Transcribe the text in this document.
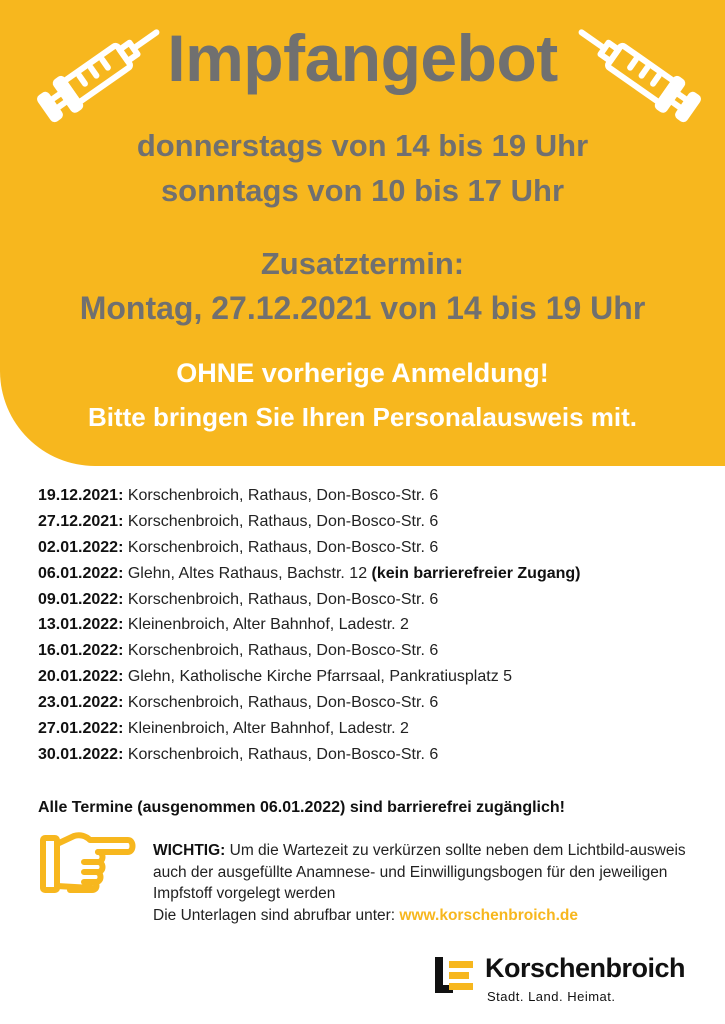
Impfangebot
donnerstags von 14 bis 19 Uhr
sonntags von 10 bis 17 Uhr
Zusatztermin:
Montag, 27.12.2021 von 14 bis 19 Uhr
OHNE vorherige Anmeldung!
Bitte bringen Sie Ihren Personalausweis mit.
19.12.2021: Korschenbroich, Rathaus, Don-Bosco-Str. 6
27.12.2021: Korschenbroich, Rathaus, Don-Bosco-Str. 6
02.01.2022: Korschenbroich, Rathaus, Don-Bosco-Str. 6
06.01.2022: Glehn, Altes Rathaus, Bachstr. 12 (kein barrierefreier Zugang)
09.01.2022: Korschenbroich, Rathaus, Don-Bosco-Str. 6
13.01.2022: Kleinenbroich, Alter Bahnhof, Ladestr. 2
16.01.2022: Korschenbroich, Rathaus, Don-Bosco-Str. 6
20.01.2022: Glehn, Katholische Kirche Pfarrsaal, Pankratiusplatz 5
23.01.2022: Korschenbroich, Rathaus, Don-Bosco-Str. 6
27.01.2022: Kleinenbroich, Alter Bahnhof, Ladestr. 2
30.01.2022: Korschenbroich, Rathaus, Don-Bosco-Str. 6
Alle Termine (ausgenommen 06.01.2022) sind barrierefrei zugänglich!
WICHTIG: Um die Wartezeit zu verkürzen sollte neben dem Lichtbild-ausweis auch der ausgefüllte Anamnese- und Einwilligungsbogen für den jeweiligen Impfstoff vorgelegt werden
Die Unterlagen sind abrufbar unter: www.korschenbroich.de
Korschenbroich
Stadt. Land. Heimat.
